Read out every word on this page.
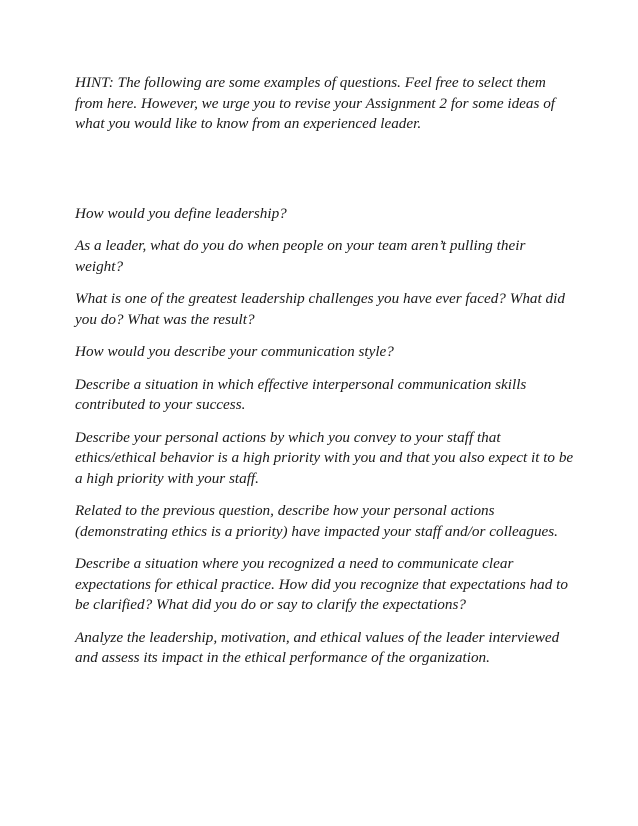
HINT: The following are some examples of questions. Feel free to select them from here. However, we urge you to revise your Assignment 2 for some ideas of what you would like to know from an experienced leader.

How would you define leadership?
As a leader, what do you do when people on your team aren’t pulling their weight?
What is one of the greatest leadership challenges you have ever faced? What did you do? What was the result?
How would you describe your communication style?
Describe a situation in which effective interpersonal communication skills contributed to your success.
Describe your personal actions by which you convey to your staff that ethics/ethical behavior is a high priority with you and that you also expect it to be a high priority with your staff.
Related to the previous question, describe how your personal actions (demonstrating ethics is a priority) have impacted your staff and/or colleagues.
Describe a situation where you recognized a need to communicate clear expectations for ethical practice. How did you recognize that expectations had to be clarified? What did you do or say to clarify the expectations?
Analyze the leadership, motivation, and ethical values of the leader interviewed and assess its impact in the ethical performance of the organization.
